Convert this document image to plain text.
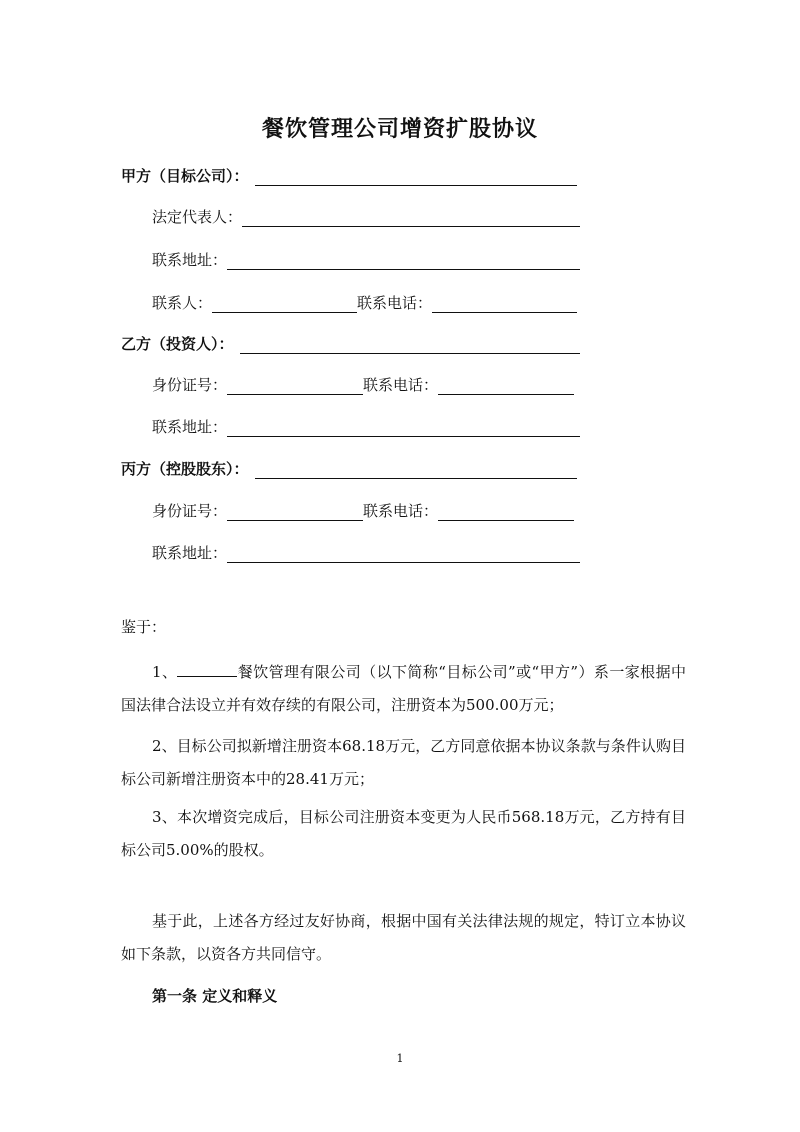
餐饮管理公司增资扩股协议
甲方（目标公司）：
法定代表人：
联系地址：
联系人：	联系电话：
乙方（投资人）：
身份证号：	联系电话：
联系地址：
丙方（控股股东）：
身份证号：	联系电话：
联系地址：
鉴于：
1、	餐饮管理有限公司（以下简称“目标公司”或“甲方”）系一家根据中国法律合法设立并有效存续的有限公司，注册资本为500.00万元；
2、目标公司拟新增注册资本68.18万元，乙方同意依据本协议条款与条件认购目标公司新增注册资本中的28.41万元；
3、本次增资完成后，目标公司注册资本变更为人民币568.18万元，乙方持有目标公司5.00%的股权。
基于此，上述各方经过友好协商，根据中国有关法律法规的规定，特订立本协议如下条款，以资各方共同信守。
第一条 定义和释义
1
